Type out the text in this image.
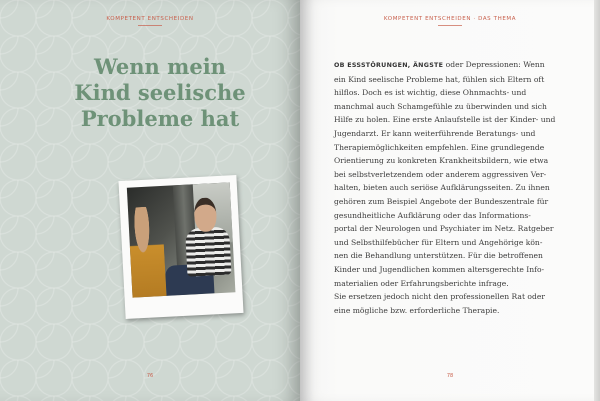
KOMPETENT ENTSCHEIDEN
Wenn mein
Kind seelische
Probleme hat
76
KOMPETENT ENTSCHEIDEN · DAS THEMA
OB ESSSTÖRUNGEN, ÄNGSTE oder Depressionen: Wenn
ein Kind seelische Probleme hat, fühlen sich Eltern oft
hilflos. Doch es ist wichtig, diese Ohnmachts- und
manchmal auch Schamgefühle zu überwinden und sich
Hilfe zu holen. Eine erste Anlaufstelle ist der Kinder- und
Jugendarzt. Er kann weiterführende Beratungs- und
Therapiemöglichkeiten empfehlen. Eine grundlegende
Orientierung zu konkreten Krankheitsbildern, wie etwa
bei selbstverletzendem oder anderem aggressiven Ver-
halten, bieten auch seriöse Aufklärungsseiten. Zu ihnen
gehören zum Beispiel Angebote der Bundeszentrale für
gesundheitliche Aufklärung oder das Informations-
portal der Neurologen und Psychiater im Netz. Ratgeber
und Selbsthilfebücher für Eltern und Angehörige kön-
nen die Behandlung unterstützen. Für die betroffenen
Kinder und Jugendlichen kommen altersgerechte Info-
materialien oder Erfahrungsberichte infrage.
Sie ersetzen jedoch nicht den professionellen Rat oder
eine mögliche bzw. erforderliche Therapie.
78
